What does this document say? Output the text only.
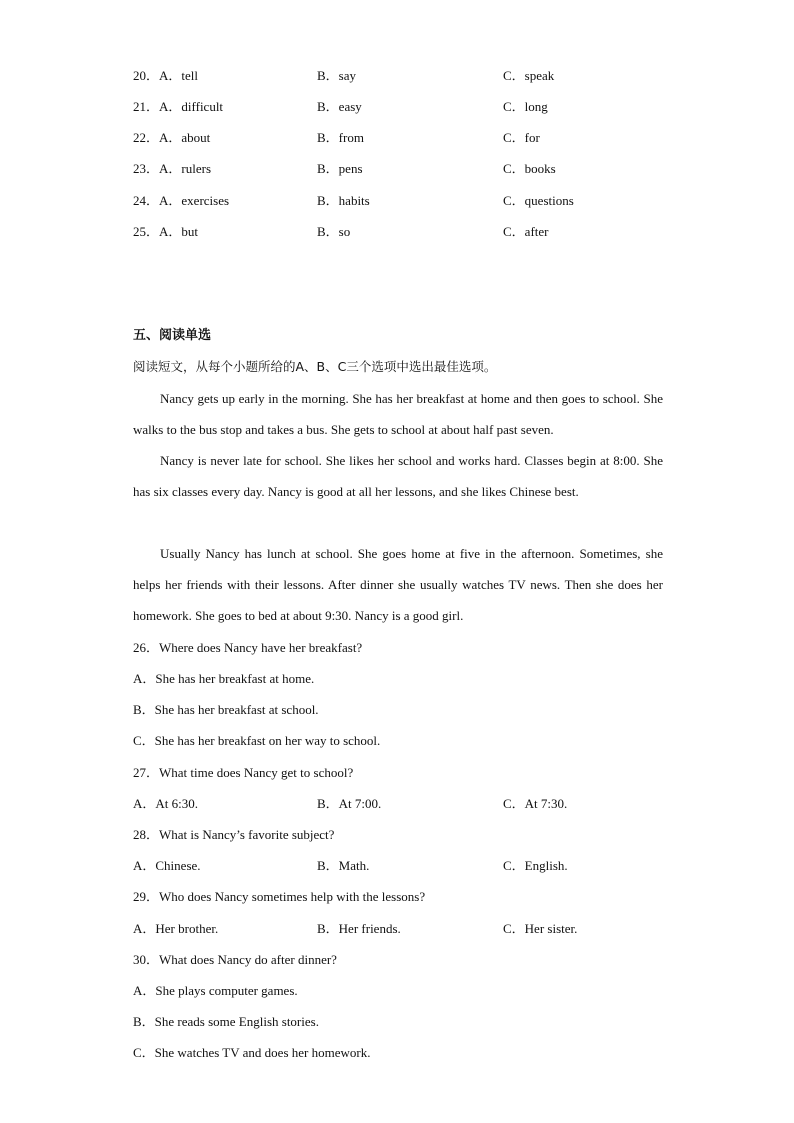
20．A．tell	B．say	C．speak
21．A．difficult	B．easy	C．long
22．A．about	B．from	C．for
23．A．rulers	B．pens	C．books
24．A．exercises	B．habits	C．questions
25．A．but	B．so	C．after
五、阅读单选
阅读短文，从每个小题所给的A、B、C三个选项中选出最佳选项。
Nancy gets up early in the morning. She has her breakfast at home and then goes to school. She walks to the bus stop and takes a bus. She gets to school at about half past seven.
Nancy is never late for school. She likes her school and works hard. Classes begin at 8:00. She has six classes every day. Nancy is good at all her lessons, and she likes Chinese best.
Usually Nancy has lunch at school. She goes home at five in the afternoon. Sometimes, she helps her friends with their lessons. After dinner she usually watches TV news. Then she does her homework. She goes to bed at about 9:30. Nancy is a good girl.
26．Where does Nancy have her breakfast?
A．She has her breakfast at home.
B．She has her breakfast at school.
C．She has her breakfast on her way to school.
27．What time does Nancy get to school?
A．At 6:30.	B．At 7:00.	C．At 7:30.
28．What is Nancy’s favorite subject?
A．Chinese.	B．Math.	C．English.
29．Who does Nancy sometimes help with the lessons?
A．Her brother.	B．Her friends.	C．Her sister.
30．What does Nancy do after dinner?
A．She plays computer games.
B．She reads some English stories.
C．She watches TV and does her homework.
